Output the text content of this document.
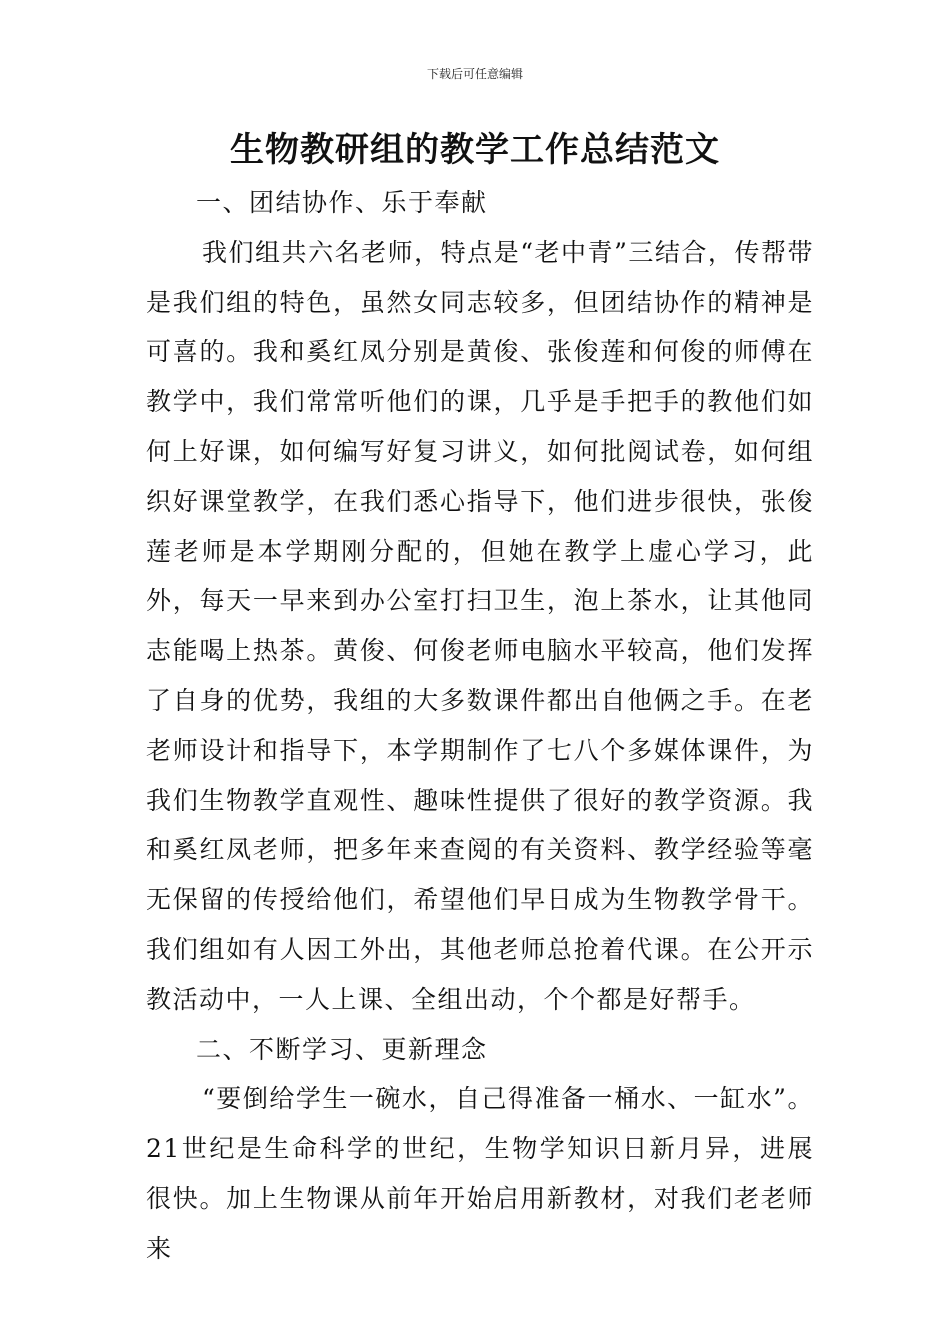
下载后可任意编辑
生物教研组的教学工作总结范文

一、团结协作、乐于奉献

我们组共六名老师，特点是“老中青”三结合，传帮带是我们组的特色，虽然女同志较多，但团结协作的精神是可喜的。我和奚红凤分别是黄俊、张俊莲和何俊的师傅在教学中，我们常常听他们的课，几乎是手把手的教他们如何上好课，如何编写好复习讲义，如何批阅试卷，如何组织好课堂教学，在我们悉心指导下，他们进步很快，张俊莲老师是本学期刚分配的，但她在教学上虚心学习，此外，每天一早来到办公室打扫卫生，泡上茶水，让其他同志能喝上热茶。黄俊、何俊老师电脑水平较高，他们发挥了自身的优势，我组的大多数课件都出自他俩之手。在老老师设计和指导下，本学期制作了七八个多媒体课件，为我们生物教学直观性、趣味性提供了很好的教学资源。我和奚红凤老师，把多年来查阅的有关资料、教学经验等毫无保留的传授给他们，希望他们早日成为生物教学骨干。我们组如有人因工外出，其他老师总抢着代课。在公开示教活动中，一人上课、全组出动，个个都是好帮手。

二、不断学习、更新理念

“要倒给学生一碗水，自己得准备一桶水、一缸水”。21世纪是生命科学的世纪，生物学知识日新月异，进展很快。加上生物课从前年开始启用新教材，对我们老老师来
